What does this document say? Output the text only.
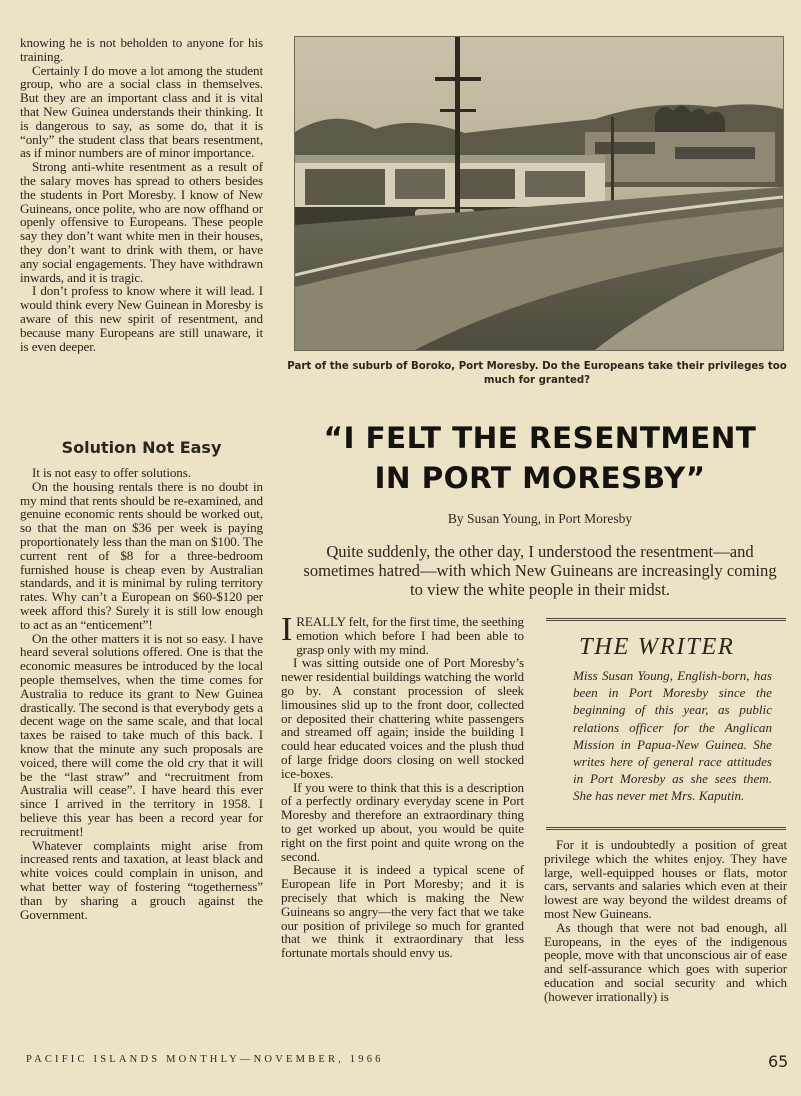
knowing he is not beholden to anyone for his training.

Certainly I do move a lot among the student group, who are a social class in themselves. But they are an important class and it is vital that New Guinea understands their thinking. It is dangerous to say, as some do, that it is “only” the student class that bears resentment, as if minor numbers are of minor importance.

Strong anti-white resentment as a result of the salary moves has spread to others besides the students in Port Moresby. I know of New Guineans, once polite, who are now offhand or openly offensive to Europeans. These people say they don’t want white men in their houses, they don’t want to drink with them, or have any social engagements. They have withdrawn inwards, and it is tragic.

I don’t profess to know where it will lead. I would think every New Guinean in Moresby is aware of this new spirit of resentment, and because many Europeans are still unaware, it is even deeper.

Solution Not Easy

It is not easy to offer solutions.

On the housing rentals there is no doubt in my mind that rents should be re-examined, and genuine economic rents should be worked out, so that the man on $36 per week is paying proportionately less than the man on $100. The current rent of $8 for a three-bedroom furnished house is cheap even by Australian standards, and it is minimal by ruling territory rates. Why can’t a European on $60-$120 per week afford this? Surely it is still low enough to act as an “enticement”!

On the other matters it is not so easy. I have heard several solutions offered. One is that the economic measures be introduced by the local people themselves, when the time comes for Australia to reduce its grant to New Guinea drastically. The second is that everybody gets a decent wage on the same scale, and that local taxes be raised to take much of this back. I know that the minute any such proposals are voiced, there will come the old cry that it will be the “last straw” and “recruitment from Australia will cease”. I have heard this ever since I arrived in the territory in 1958. I believe this year has been a record year for recruitment!

Whatever complaints might arise from increased rents and taxation, at least black and white voices could complain in unison, and what better way of fostering “togetherness” than by sharing a grouch against the Government.

Part of the suburb of Boroko, Port Moresby. Do the Europeans take their privileges too much for granted?

“I FELT THE RESENTMENT
IN PORT MORESBY”

By Susan Young, in Port Moresby

Quite suddenly, the other day, I understood the resentment—and sometimes hatred—with which New Guineans are increasingly coming to view the white people in their midst.

IREALLY felt, for the first time, the seething emotion which before I had been able to grasp only with my mind.

I was sitting outside one of Port Moresby’s newer residential buildings watching the world go by. A constant procession of sleek limousines slid up to the front door, collected or deposited their chattering white passengers and streamed off again; inside the building I could hear educated voices and the plush thud of large fridge doors closing on well stocked ice-boxes.

If you were to think that this is a description of a perfectly ordinary everyday scene in Port Moresby and therefore an extraordinary thing to get worked up about, you would be quite right on the first point and quite wrong on the second.

Because it is indeed a typical scene of European life in Port Moresby; and it is precisely that which is making the New Guineans so angry—the very fact that we take our position of privilege so much for granted that we think it extraordinary that less fortunate mortals should envy us.

THE WRITER
Miss Susan Young, English-born, has been in Port Moresby since the beginning of this year, as public relations officer for the Anglican Mission in Papua-New Guinea. She writes here of general race attitudes in Port Moresby as she sees them. She has never met Mrs. Kaputin.

For it is undoubtedly a position of great privilege which the whites enjoy. They have large, well-equipped houses or flats, motor cars, servants and salaries which even at their lowest are way beyond the wildest dreams of most New Guineans.

As though that were not bad enough, all Europeans, in the eyes of the indigenous people, move with that unconscious air of ease and self-assurance which goes with superior education and social security and which (however irrationally) is

PACIFIC ISLANDS MONTHLY—NOVEMBER, 1966	65
